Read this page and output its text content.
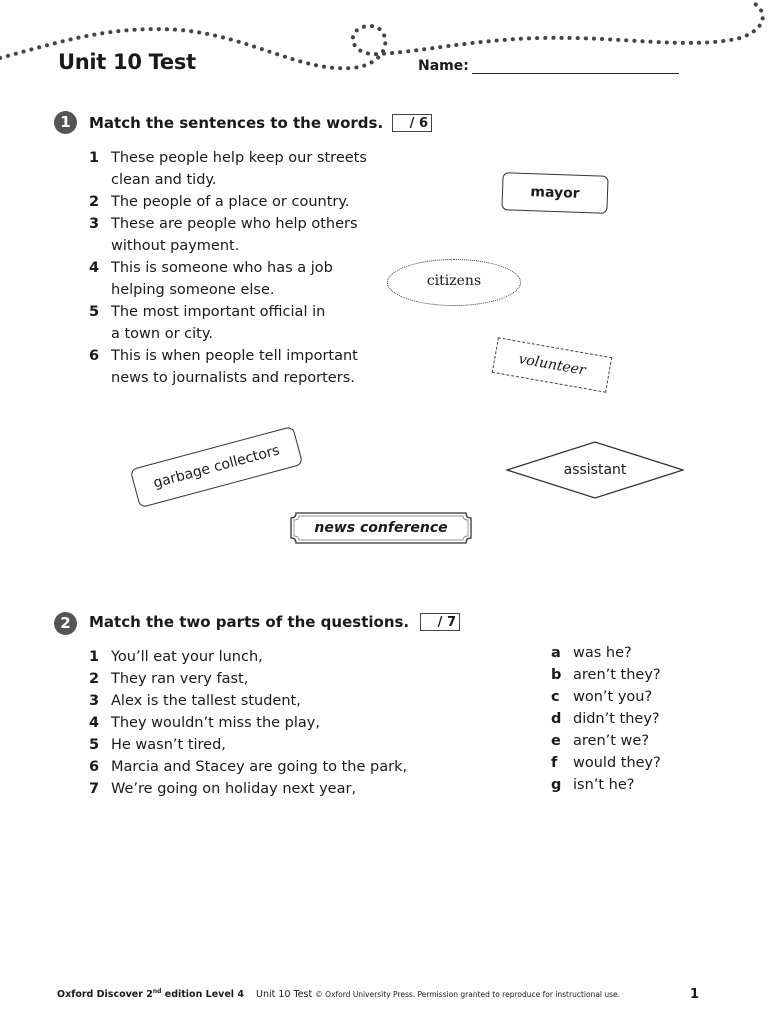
Unit 10 Test	Name:
1	Match the sentences to the words.	/ 6
1 These people help keep our streets
clean and tidy.
2 The people of a place or country.
3 These are people who help others
without payment.
4 This is someone who has a job
helping someone else.
5 The most important official in
a town or city.
6 This is when people tell important
news to journalists and reporters.
mayor
citizens
volunteer
garbage collectors	assistant
news conference
2	Match the two parts of the questions.	/ 7
1 You’ll eat your lunch,
2 They ran very fast,
3 Alex is the tallest student,
4 They wouldn’t miss the play,
5 He wasn’t tired,
6 Marcia and Stacey are going to the park,
7 We’re going on holiday next year,
a was he?
b aren’t they?
c won’t you?
d didn’t they?
e aren’t we?
f	would they?
g isn’t he?
Oxford Discover 2nd edition Level 4 Unit 10 Test © Oxford University Press. Permission granted to reproduce for instructional use.	1
